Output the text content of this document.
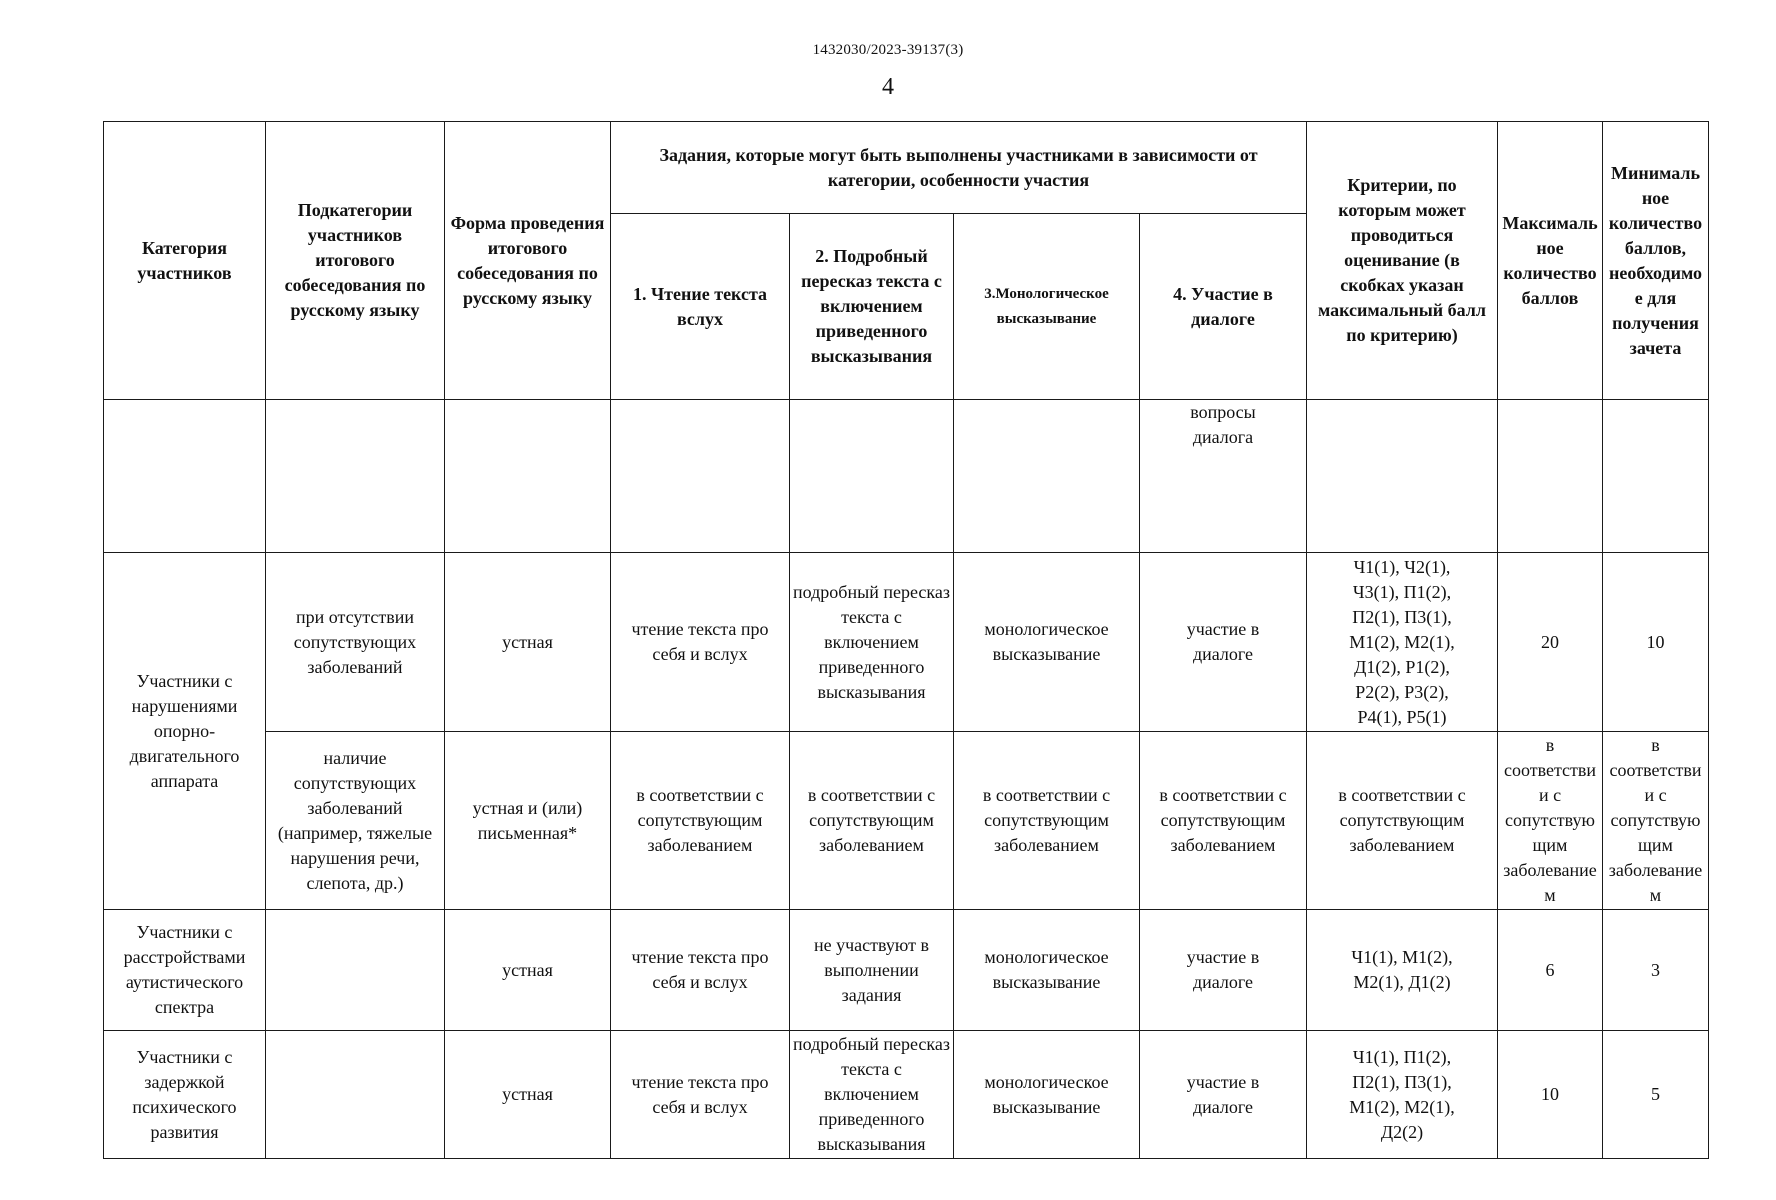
1432030/2023-39137(3)
4
Категория участников	Подкатегории участников итогового собеседования по русскому языку	Форма проведения итогового собеседования по русскому языку	Задания, которые могут быть выполнены участниками в зависимости от категории, особенности участия				Критерии, по которым может проводиться оценивание (в скобках указан максимальный балл по критерию)	Максимальное количество баллов	Минимальное количество баллов, необходимое для получения зачета
			1. Чтение текста вслух	2. Подробный пересказ текста с включением приведенного высказывания	3.Монологическое высказывание	4. Участие в диалоге			
						вопросы диалога			
Участники с нарушениями опорно-двигательного аппарата	при отсутствии сопутствующих заболеваний	устная	чтение текста про себя и вслух	подробный пересказ текста с включением приведенного высказывания	монологическое высказывание	участие в диалоге	Ч1(1), Ч2(1), Ч3(1), П1(2), П2(1), П3(1), М1(2), М2(1), Д1(2), Р1(2), Р2(2), Р3(2), Р4(1), Р5(1)	20	10
	наличие сопутствующих заболеваний (например, тяжелые нарушения речи, слепота, др.)	устная и (или) письменная*	в соответствии с сопутствующим заболеванием	в соответствии с сопутствующим заболеванием	в соответствии с сопутствующим заболеванием	в соответствии с сопутствующим заболеванием	в соответствии с сопутствующим заболеванием	в соответствии с сопутствующим заболеванием	в соответствии с сопутствующим заболеванием
Участники с расстройствами аутистического спектра		устная	чтение текста про себя и вслух	не участвуют в выполнении задания	монологическое высказывание	участие в диалоге	Ч1(1), М1(2), М2(1), Д1(2)	6	3
Участники с задержкой психического развития		устная	чтение текста про себя и вслух	подробный пересказ текста с включением приведенного высказывания	монологическое высказывание	участие в диалоге	Ч1(1), П1(2), П2(1), П3(1), М1(2), М2(1), Д2(2)	10	5
